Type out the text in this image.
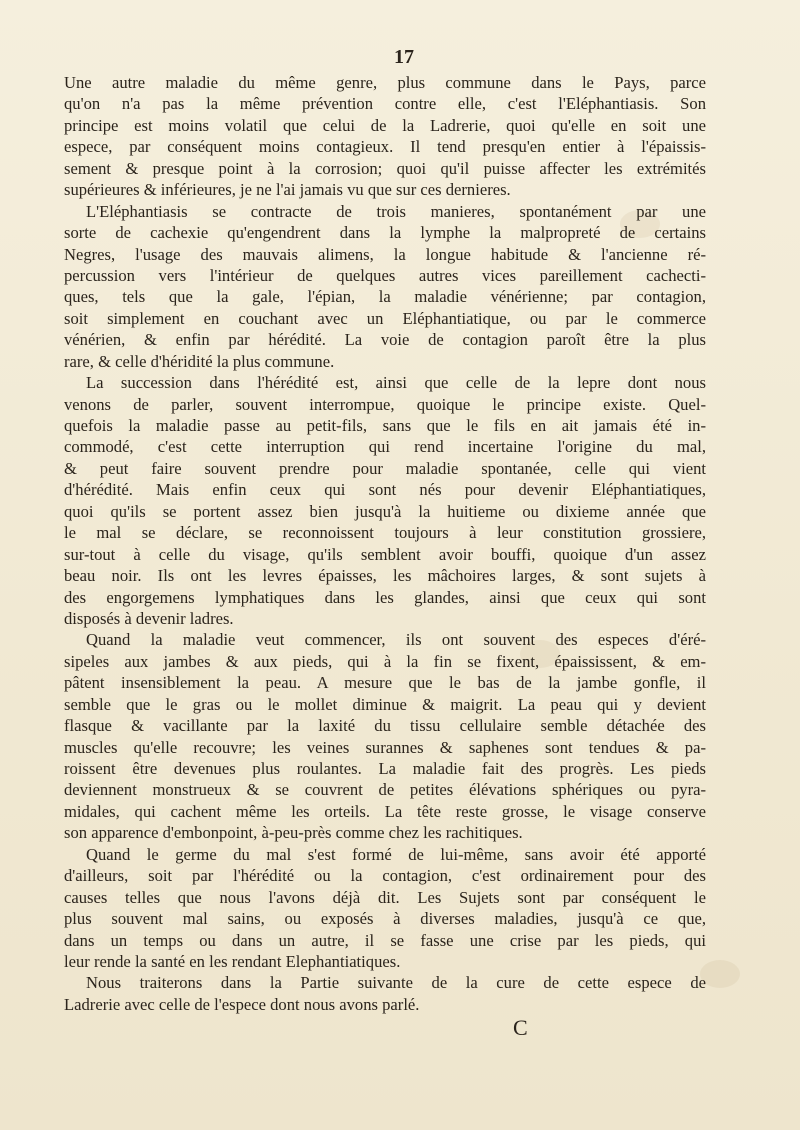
17
Une autre maladie du même genre, plus commune dans le Pays, parce
qu'on n'a pas la même prévention contre elle, c'est l'Eléphantiasis. Son
principe est moins volatil que celui de la Ladrerie, quoi qu'elle en soit une
espece, par conséquent moins contagieux. Il tend presqu'en entier à l'épaissis-
sement & presque point à la corrosion; quoi qu'il puisse affecter les extrémités
supérieures & inférieures, je ne l'ai jamais vu que sur ces dernieres.
L'Eléphantiasis se contracte de trois manieres, spontanément par une
sorte de cachexie qu'engendrent dans la lymphe la malpropreté de certains
Negres, l'usage des mauvais alimens, la longue habitude & l'ancienne ré-
percussion vers l'intérieur de quelques autres vices pareillement cachecti-
ques, tels que la gale, l'épian, la maladie vénérienne; par contagion,
soit simplement en couchant avec un Eléphantiatique, ou par le commerce
vénérien, & enfin par hérédité. La voie de contagion paroît être la plus
rare, & celle d'héridité la plus commune.
La succession dans l'hérédité est, ainsi que celle de la lepre dont nous
venons de parler, souvent interrompue, quoique le principe existe. Quel-
quefois la maladie passe au petit-fils, sans que le fils en ait jamais été in-
commodé, c'est cette interruption qui rend incertaine l'origine du mal,
& peut faire souvent prendre pour maladie spontanée, celle qui vient
d'hérédité. Mais enfin ceux qui sont nés pour devenir Eléphantiatiques,
quoi qu'ils se portent assez bien jusqu'à la huitieme ou dixieme année que
le mal se déclare, se reconnoissent toujours à leur constitution grossiere,
sur-tout à celle du visage, qu'ils semblent avoir bouffi, quoique d'un assez
beau noir. Ils ont les levres épaisses, les mâchoires larges, & sont sujets à
des engorgemens lymphatiques dans les glandes, ainsi que ceux qui sont
disposés à devenir ladres.
Quand la maladie veut commencer, ils ont souvent des especes d'éré-
sipeles aux jambes & aux pieds, qui à la fin se fixent, épaississent, & em-
pâtent insensiblement la peau. A mesure que le bas de la jambe gonfle, il
semble que le gras ou le mollet diminue & maigrit. La peau qui y devient
flasque & vacillante par la laxité du tissu cellulaire semble détachée des
muscles qu'elle recouvre; les veines surannes & saphenes sont tendues & pa-
roissent être devenues plus roulantes. La maladie fait des progrès. Les pieds
deviennent monstrueux & se couvrent de petites élévations sphériques ou pyra-
midales, qui cachent même les orteils. La tête reste grosse, le visage conserve
son apparence d'embonpoint, à-peu-près comme chez les rachitiques.
Quand le germe du mal s'est formé de lui-même, sans avoir été apporté
d'ailleurs, soit par l'hérédité ou la contagion, c'est ordinairement pour des
causes telles que nous l'avons déjà dit. Les Sujets sont par conséquent le
plus souvent mal sains, ou exposés à diverses maladies, jusqu'à ce que,
dans un temps ou dans un autre, il se fasse une crise par les pieds, qui
leur rende la santé en les rendant Elephantiatiques.
Nous traiterons dans la Partie suivante de la cure de cette espece de
Ladrerie avec celle de l'espece dont nous avons parlé.
C
